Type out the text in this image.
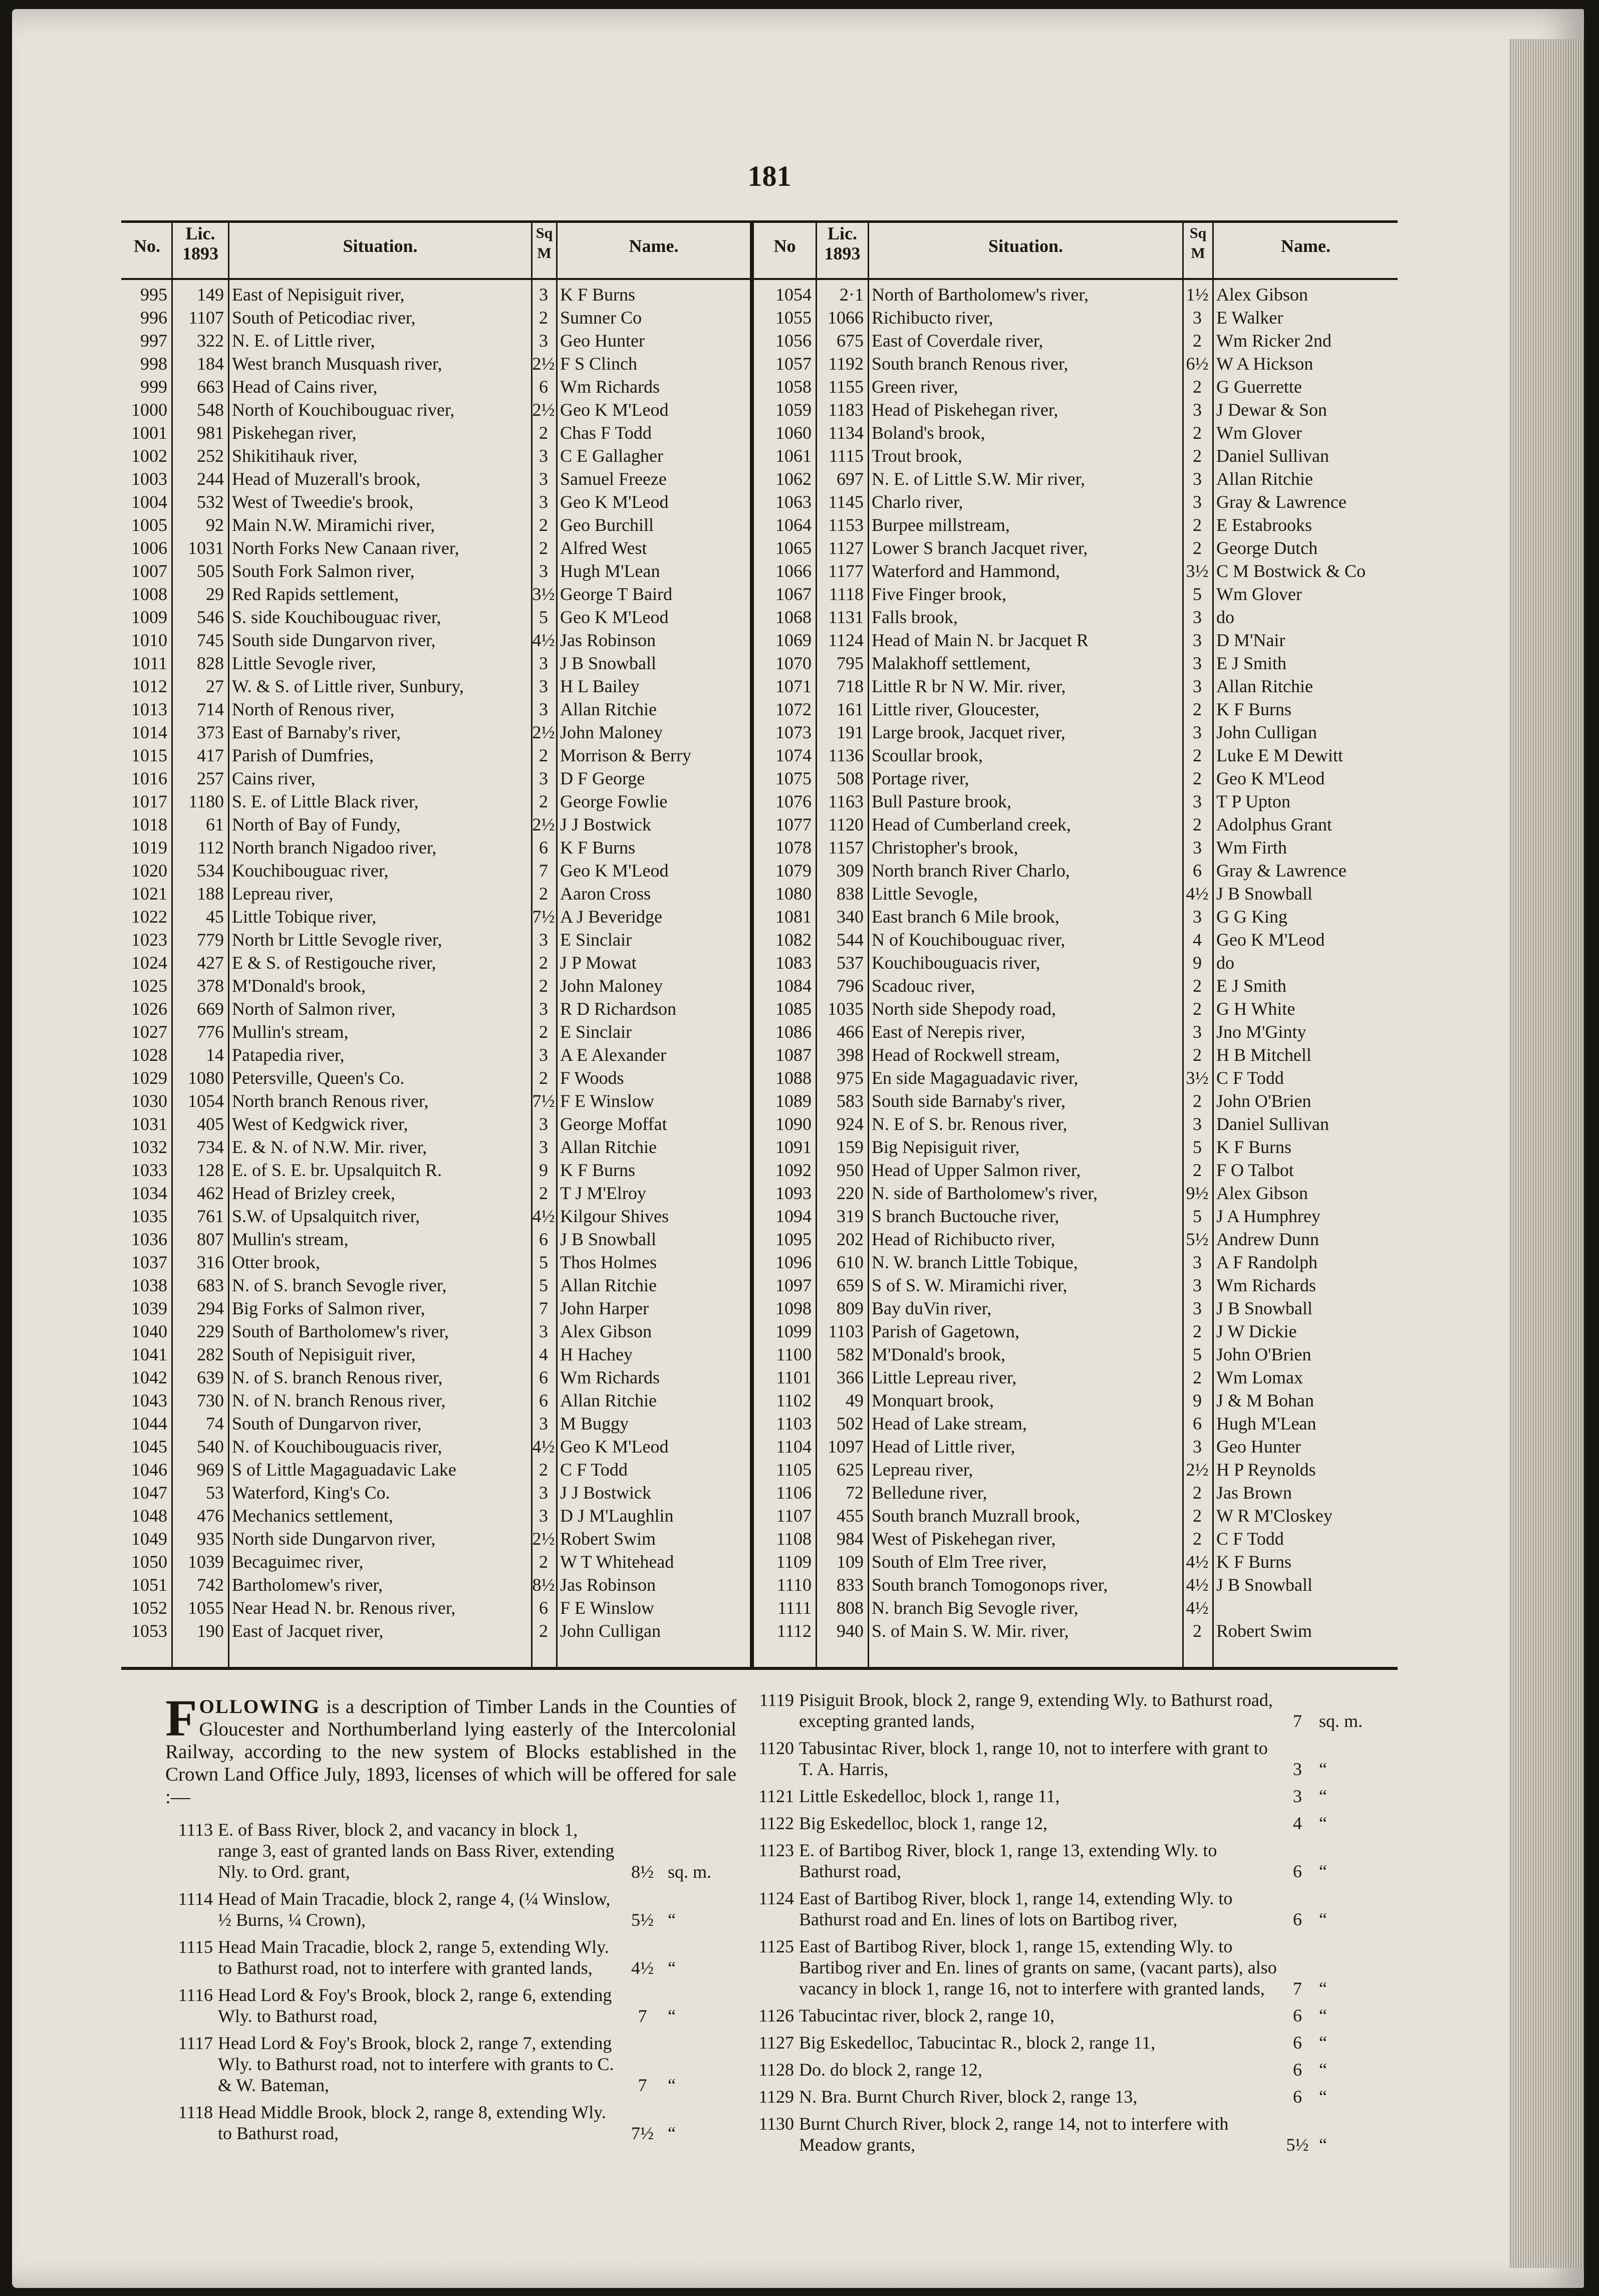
181
No.
Lic.
1893	Situation.
Sq
M	Name.	No
Lic.
1893	Situation.
Sq
M	Name.
995	149	East of Nepisiguit river,	3	K F Burns
996	1107	South of Peticodiac river,	2	Sumner Co
997	322	N. E. of Little river,	3	Geo Hunter
998	184	West branch Musquash river,	2½	F S Clinch
999	663	Head of Cains river,	6	Wm Richards
1000	548	North of Kouchibouguac river,	2½	Geo K M'Leod
1001	981	Piskehegan river,	2	Chas F Todd
1002	252	Shikitihauk river,	3	C E Gallagher
1003	244	Head of Muzerall's brook,	3	Samuel Freeze
1004	532	West of Tweedie's brook,	3	Geo K M'Leod
1005	92	Main N.W. Miramichi river,	2	Geo Burchill
1006	1031	North Forks New Canaan river,	2	Alfred West
1007	505	South Fork Salmon river,	3	Hugh M'Lean
1008	29	Red Rapids settlement,	3½	George T Baird
1009	546	S. side Kouchibouguac river,	5	Geo K M'Leod
1010	745	South side Dungarvon river,	4½	Jas Robinson
1011	828	Little Sevogle river,	3	J B Snowball
1012	27	W. & S. of Little river, Sunbury,	3	H L Bailey
1013	714	North of Renous river,	3	Allan Ritchie
1014	373	East of Barnaby's river,	2½	John Maloney
1015	417	Parish of Dumfries,	2	Morrison & Berry
1016	257	Cains river,	3	D F George
1017	1180	S. E. of Little Black river,	2	George Fowlie
1018	61	North of Bay of Fundy,	2½	J J Bostwick
1019	112	North branch Nigadoo river,	6	K F Burns
1020	534	Kouchibouguac river,	7	Geo K M'Leod
1021	188	Lepreau river,	2	Aaron Cross
1022	45	Little Tobique river,	7½	A J Beveridge
1023	779	North br Little Sevogle river,	3	E Sinclair
1024	427	E & S. of Restigouche river,	2	J P Mowat
1025	378	M'Donald's brook,	2	John Maloney
1026	669	North of Salmon river,	3	R D Richardson
1027	776	Mullin's stream,	2	E Sinclair
1028	14	Patapedia river,	3	A E Alexander
1029	1080	Petersville, Queen's Co.	2	F Woods
1030	1054	North branch Renous river,	7½	F E Winslow
1031	405	West of Kedgwick river,	3	George Moffat
1032	734	E. & N. of N.W. Mir. river,	3	Allan Ritchie
1033	128	E. of S. E. br. Upsalquitch R.	9	K F Burns
1034	462	Head of Brizley creek,	2	T J M'Elroy
1035	761	S.W. of Upsalquitch river,	4½	Kilgour Shives
1036	807	Mullin's stream,	6	J B Snowball
1037	316	Otter brook,	5	Thos Holmes
1038	683	N. of S. branch Sevogle river,	5	Allan Ritchie
1039	294	Big Forks of Salmon river,	7	John Harper
1040	229	South of Bartholomew's river,	3	Alex Gibson
1041	282	South of Nepisiguit river,	4	H Hachey
1042	639	N. of S. branch Renous river,	6	Wm Richards
1043	730	N. of N. branch Renous river,	6	Allan Ritchie
1044	74	South of Dungarvon river,	3	M Buggy
1045	540	N. of Kouchibouguacis river,	4½	Geo K M'Leod
1046	969	S of Little Magaguadavic Lake	2	C F Todd
1047	53	Waterford, King's Co.	3	J J Bostwick
1048	476	Mechanics settlement,	3	D J M'Laughlin
1049	935	North side Dungarvon river,	2½	Robert Swim
1050	1039	Becaguimec river,	2	W T Whitehead
1051	742	Bartholomew's river,	8½	Jas Robinson
1052	1055	Near Head N. br. Renous river,	6	F E Winslow
1053	190	East of Jacquet river,	2	John Culligan
1054	2·1	North of Bartholomew's river,	1½	Alex Gibson
1055	1066	Richibucto river,	3	E Walker
1056	675	East of Coverdale river,	2	Wm Ricker 2nd
1057	1192	South branch Renous river,	6½	W A Hickson
1058	1155	Green river,	2	G Guerrette
1059	1183	Head of Piskehegan river,	3	J Dewar & Son
1060	1134	Boland's brook,	2	Wm Glover
1061	1115	Trout brook,	2	Daniel Sullivan
1062	697	N. E. of Little S.W. Mir river,	3	Allan Ritchie
1063	1145	Charlo river,	3	Gray & Lawrence
1064	1153	Burpee millstream,	2	E Estabrooks
1065	1127	Lower S branch Jacquet river,	2	George Dutch
1066	1177	Waterford and Hammond,	3½	C M Bostwick & Co
1067	1118	Five Finger brook,	5	Wm Glover
1068	1131	Falls brook,	3	do
1069	1124	Head of Main N. br Jacquet R	3	D M'Nair
1070	795	Malakhoff settlement,	3	E J Smith
1071	718	Little R br N W. Mir. river,	3	Allan Ritchie
1072	161	Little river, Gloucester,	2	K F Burns
1073	191	Large brook, Jacquet river,	3	John Culligan
1074	1136	Scoullar brook,	2	Luke E M Dewitt
1075	508	Portage river,	2	Geo K M'Leod
1076	1163	Bull Pasture brook,	3	T P Upton
1077	1120	Head of Cumberland creek,	2	Adolphus Grant
1078	1157	Christopher's brook,	3	Wm Firth
1079	309	North branch River Charlo,	6	Gray & Lawrence
1080	838	Little Sevogle,	4½	J B Snowball
1081	340	East branch 6 Mile brook,	3	G G King
1082	544	N of Kouchibouguac river,	4	Geo K M'Leod
1083	537	Kouchibouguacis river,	9	do
1084	796	Scadouc river,	2	E J Smith
1085	1035	North side Shepody road,	2	G H White
1086	466	East of Nerepis river,	3	Jno M'Ginty
1087	398	Head of Rockwell stream,	2	H B Mitchell
1088	975	En side Magaguadavic river,	3½	C F Todd
1089	583	South side Barnaby's river,	2	John O'Brien
1090	924	N. E of S. br. Renous river,	3	Daniel Sullivan
1091	159	Big Nepisiguit river,	5	K F Burns
1092	950	Head of Upper Salmon river,	2	F O Talbot
1093	220	N. side of Bartholomew's river,	9½	Alex Gibson
1094	319	S branch Buctouche river,	5	J A Humphrey
1095	202	Head of Richibucto river,	5½	Andrew Dunn
1096	610	N. W. branch Little Tobique,	3	A F Randolph
1097	659	S of S. W. Miramichi river,	3	Wm Richards
1098	809	Bay duVin river,	3	J B Snowball
1099	1103	Parish of Gagetown,	2	J W Dickie
1100	582	M'Donald's brook,	5	John O'Brien
1101	366	Little Lepreau river,	2	Wm Lomax
1102	49	Monquart brook,	9	J & M Bohan
1103	502	Head of Lake stream,	6	Hugh M'Lean
1104	1097	Head of Little river,	3	Geo Hunter
1105	625	Lepreau river,	2½	H P Reynolds
1106	72	Belledune river,	2	Jas Brown
1107	455	South branch Muzrall brook,	2	W R M'Closkey
1108	984	West of Piskehegan river,	2	C F Todd
1109	109	South of Elm Tree river,	4½	K F Burns
1110	833	South branch Tomogonops river,	4½	J B Snowball
1111	808	N. branch Big Sevogle river,	4½	
1112	940	S. of Main S. W. Mir. river,	2	Robert Swim
FOLLOWING is a description of Timber Lands in the Counties of Gloucester and Northumberland lying easterly of the Intercolonial Railway, according to the new system of Blocks established in the Crown Land Office July, 1893, licenses of which will be offered for sale :—
1113	E. of Bass River, block 2, and vacancy in block 1, range 3, east of granted lands on Bass River, extending Nly. to Ord. grant,	8½	sq. m.
1114	Head of Main Tracadie, block 2, range 4, (¼ Winslow, ½ Burns, ¼ Crown),	5½	“
1115	Head Main Tracadie, block 2, range 5, extending Wly. to Bathurst road, not to interfere with granted lands,	4½	“
1116	Head Lord & Foy's Brook, block 2, range 6, extending Wly. to Bathurst road,	7	“
1117	Head Lord & Foy's Brook, block 2, range 7, extending Wly. to Bathurst road, not to interfere with grants to C. & W. Bateman,	7	“
1118	Head Middle Brook, block 2, range 8, extending Wly. to Bathurst road,	7½	“
1119	Pisiguit Brook, block 2, range 9, extending Wly. to Bathurst road, excepting granted lands,	7	sq. m.
1120	Tabusintac River, block 1, range 10, not to interfere with grant to T. A. Harris,	3	“
1121	Little Eskedelloc, block 1, range 11,	3	“
1122	Big Eskedelloc, block 1, range 12,	4	“
1123	E. of Bartibog River, block 1, range 13, extending Wly. to Bathurst road,	6	“
1124	East of Bartibog River, block 1, range 14, extending Wly. to Bathurst road and En. lines of lots on Bartibog river,	6	“
1125	East of Bartibog River, block 1, range 15, extending Wly. to Bartibog river and En. lines of grants on same, (vacant parts), also vacancy in block 1, range 16, not to interfere with granted lands,	7	“
1126	Tabucintac river, block 2, range 10,	6	“
1127	Big Eskedelloc, Tabucintac R., block 2, range 11,	6	“
1128	Do. do block 2, range 12,	6	“
1129	N. Bra. Burnt Church River, block 2, range 13,	6	“
1130	Burnt Church River, block 2, range 14, not to interfere with Meadow grants,	5½	“
